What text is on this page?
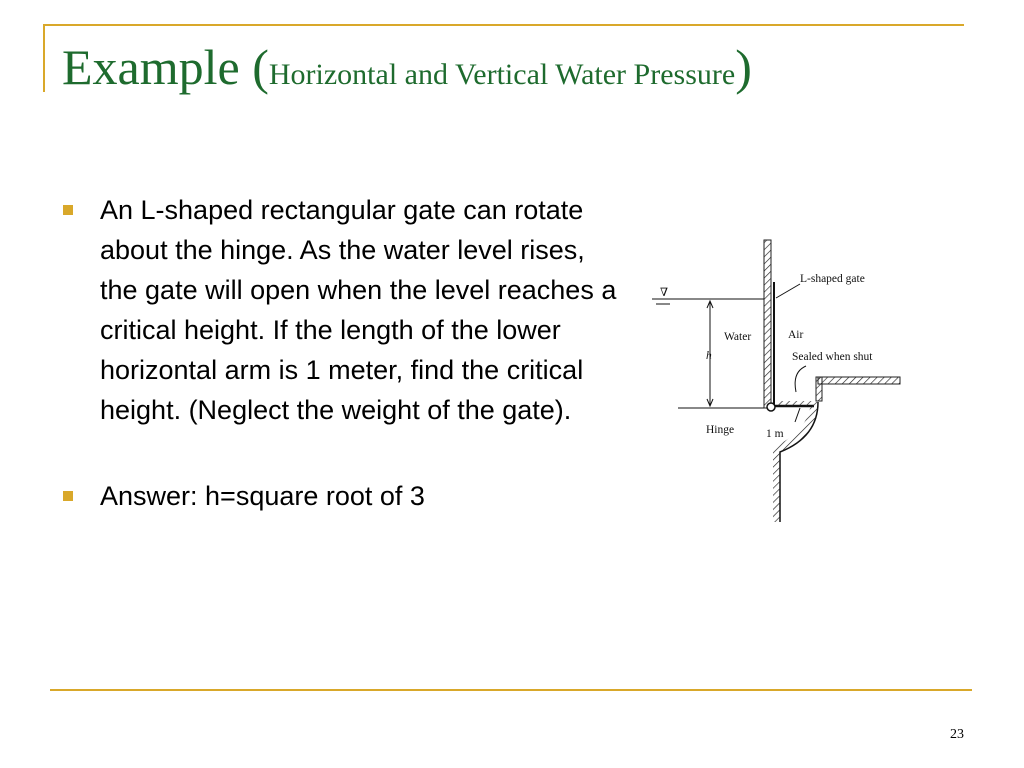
Example (Horizontal and Vertical Water Pressure)
An L-shaped rectangular gate can rotate about the hinge. As the water level rises, the gate will open when the level reaches a critical height. If the length of the lower horizontal arm is 1 meter, find the critical height. (Neglect the weight of the gate).
Answer: h=square root of 3
∇
L-shaped gate
Water	Air
h	Sealed when shut
Hinge	1 m
23
